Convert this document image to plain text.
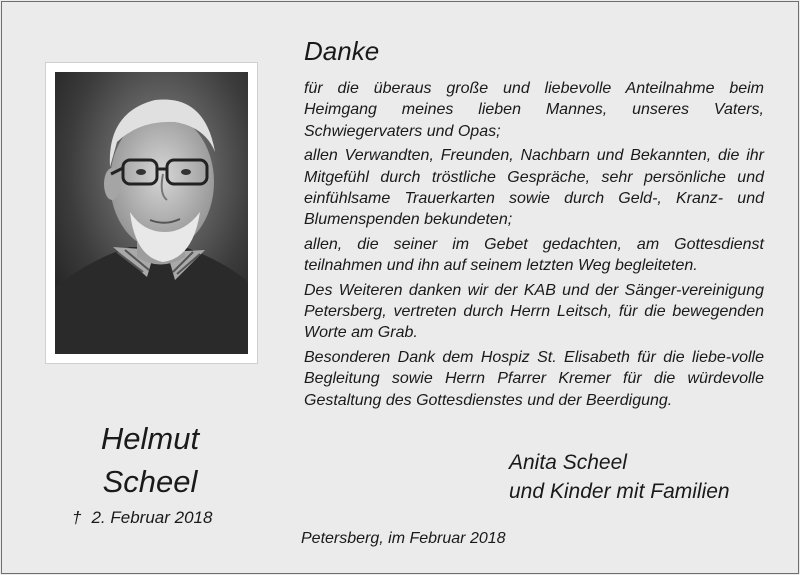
Helmut
Scheel
† 2. Februar 2018
Danke

für die überaus große und liebevolle Anteilnahme beim Heimgang meines lieben Mannes, unseres Vaters, Schwiegervaters und Opas;

allen Verwandten, Freunden, Nachbarn und Bekannten, die ihr Mitgefühl durch tröstliche Gespräche, sehr persönliche und einfühlsame Trauerkarten sowie durch Geld-, Kranz- und Blumenspenden bekundeten;

allen, die seiner im Gebet gedachten, am Gottesdienst teilnahmen und ihn auf seinem letzten Weg begleiteten.

Des Weiteren danken wir der KAB und der Sänger-vereinigung Petersberg, vertreten durch Herrn Leitsch, für die bewegenden Worte am Grab.

Besonderen Dank dem Hospiz St. Elisabeth für die liebe-volle Begleitung sowie Herrn Pfarrer Kremer für die würdevolle Gestaltung des Gottesdienstes und der Beerdigung.

Anita Scheel
und Kinder mit Familien
Petersberg, im Februar 2018
